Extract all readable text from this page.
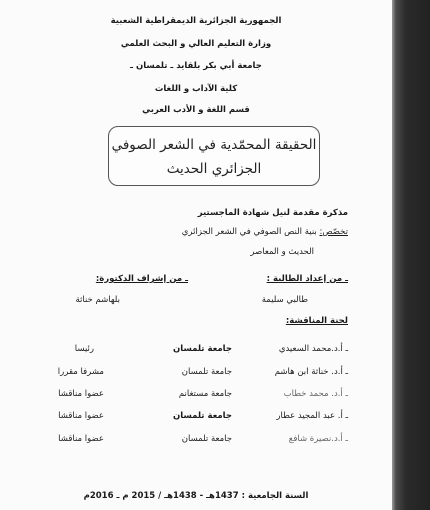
الجمهورية الجزائرية الديمقراطية الشعبية
وزارة التعليم العالي و البحث العلمي
جامعة أبي بكر بلقايد ـ تلمسان ـ
كلية الآداب و اللغات
قسم اللغة و الأدب العربي
الحقيقة المحمّدية في الشعر الصوفي
الجزائري الحديث
مذكرة مقدمة لنيل شهادة الماجستير
تخصّص: بنية النص الصوفي في الشعر الجزائري
الحديث و المعاصر
ـ من إعداد الطالبة :
ـ من إشراف الدكتورة:
طالبي سليمة
بلهاشم خناثة
لجنة المناقشة:
ـ أ.د.محمد السعيدي
جامعة تلمسان
رئيسا
ـ أ.د. خناثة ابن هاشم
جامعة تلمسان
مشرفا مقررا
ـ أ.د. محمد خطاب
جامعة مستغانم
عضوا مناقشا
ـ أ. عبد المجيد عطار
جامعة تلمسان
عضوا مناقشا
ـ أ.د.نصيرة شافع
جامعة تلمسان
عضوا مناقشا
السنة الجامعية : 1437هـ - 1438هـ / 2015 م ـ 2016م
